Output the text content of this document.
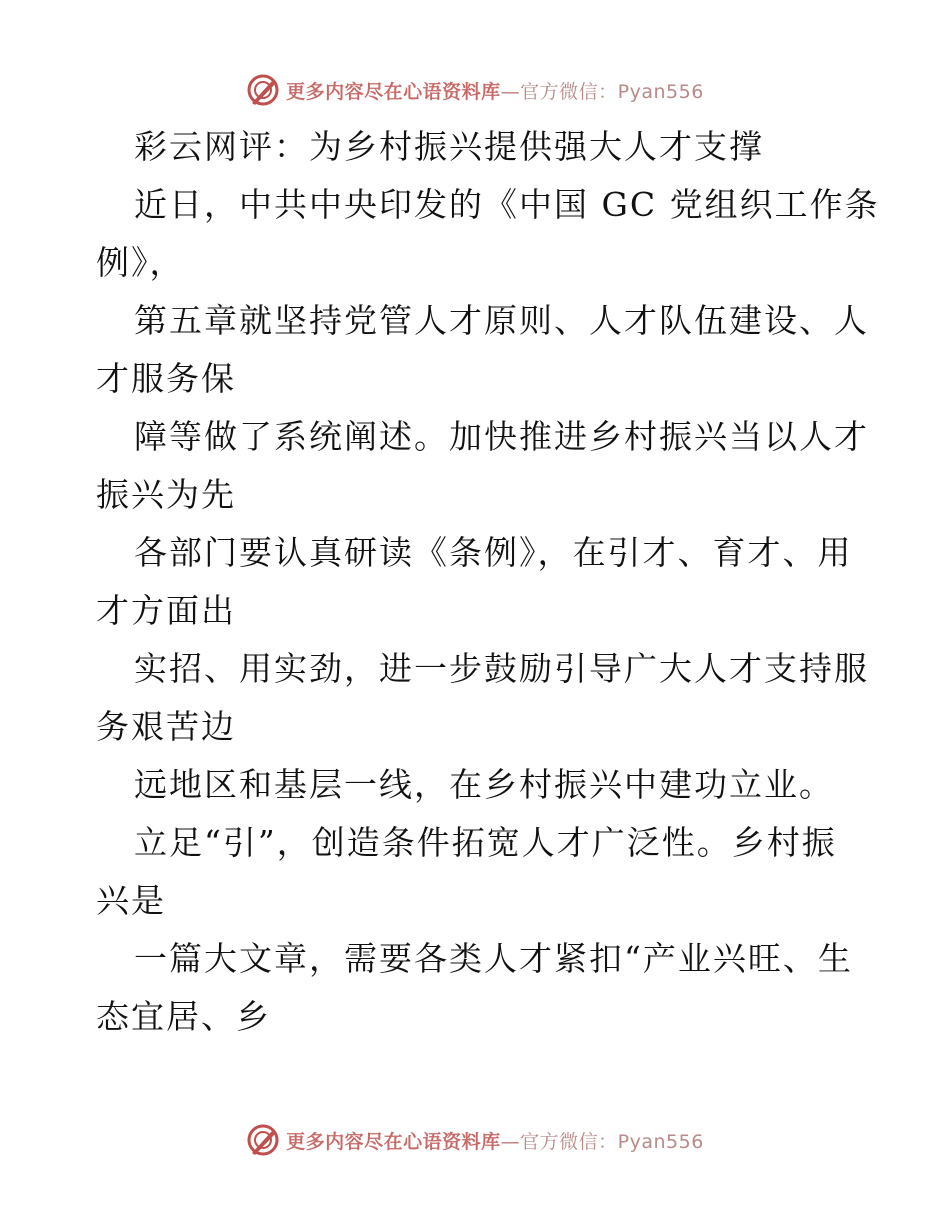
更多内容尽在心语资料库—官方微信：Pyan556
彩云网评：为乡村振兴提供强大人才支撑
近日，中共中央印发的《中国 GC 党组织工作条
例》，
第五章就坚持党管人才原则、人才队伍建设、人
才服务保
障等做了系统阐述。加快推进乡村振兴当以人才
振兴为先
各部门要认真研读《条例》，在引才、育才、用
才方面出
实招、用实劲，进一步鼓励引导广大人才支持服
务艰苦边
远地区和基层一线，在乡村振兴中建功立业。
立足“引”，创造条件拓宽人才广泛性。乡村振
兴是
一篇大文章，需要各类人才紧扣“产业兴旺、生
态宜居、乡
更多内容尽在心语资料库—官方微信：Pyan556
